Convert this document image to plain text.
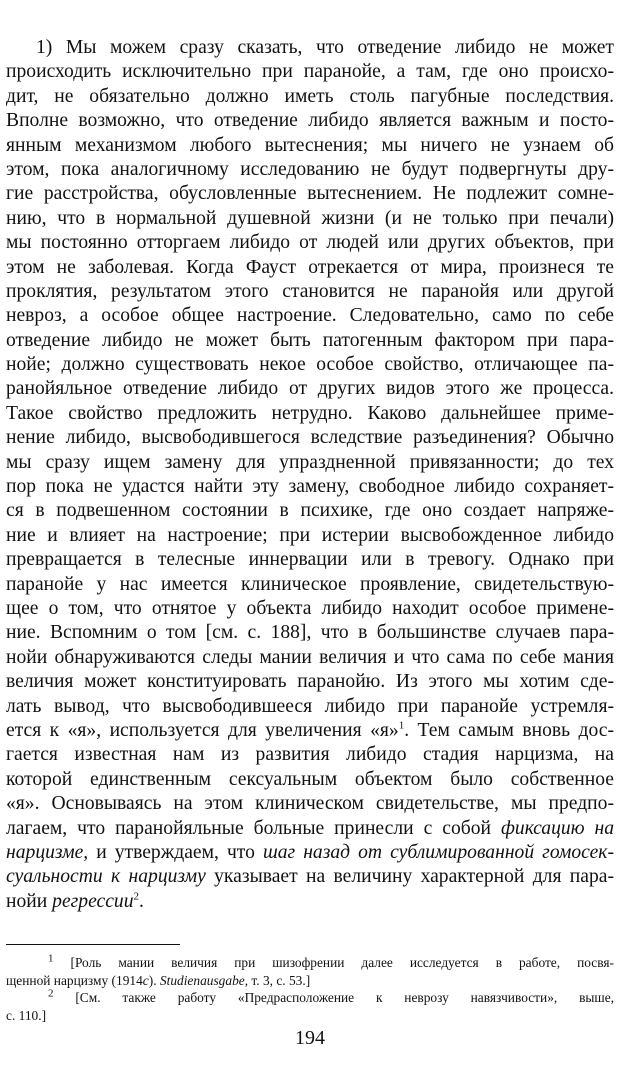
1) Мы можем сразу сказать, что отведение либидо не может
происходить исключительно при паранойе, а там, где оно происхо-
дит, не обязательно должно иметь столь пагубные последствия.
Вполне возможно, что отведение либидо является важным и посто-
янным механизмом любого вытеснения; мы ничего не узнаем об
этом, пока аналогичному исследованию не будут подвергнуты дру-
гие расстройства, обусловленные вытеснением. Не подлежит сомне-
нию, что в нормальной душевной жизни (и не только при печали)
мы постоянно отторгаем либидо от людей или других объектов, при
этом не заболевая. Когда Фауст отрекается от мира, произнеся те
проклятия, результатом этого становится не паранойя или другой
невроз, а особое общее настроение. Следовательно, само по себе
отведение либидо не может быть патогенным фактором при пара-
нойе; должно существовать некое особое свойство, отличающее па-
ранойяльное отведение либидо от других видов этого же процесса.
Такое свойство предложить нетрудно. Каково дальнейшее приме-
нение либидо, высвободившегося вследствие разъединения? Обычно
мы сразу ищем замену для упраздненной привязанности; до тех
пор пока не удастся найти эту замену, свободное либидо сохраняет-
ся в подвешенном состоянии в психике, где оно создает напряже-
ние и влияет на настроение; при истерии высвобожденное либидо
превращается в телесные иннервации или в тревогу. Однако при
паранойе у нас имеется клиническое проявление, свидетельствую-
щее о том, что отнятое у объекта либидо находит особое примене-
ние. Вспомним о том [см. с. 188], что в большинстве случаев пара-
нойи обнаруживаются следы мании величия и что сама по себе мания
величия может конституировать паранойю. Из этого мы хотим сде-
лать вывод, что высвободившееся либидо при паранойе устремля-
ется к «я», используется для увеличения «я»$^1$. Тем самым вновь дос-
гается известная нам из развития либидо стадия нарцизма, на
которой единственным сексуальным объектом было собственное
«я». Основываясь на этом клиническом свидетельстве, мы предпо-
лагаем, что паранойяльные больные принесли с собой фиксацию на
нарцизме, и утверждаем, что шаг назад от сублимированной гомосек-
суальности к нарцизму указывает на величину характерной для пара-
нойи регрессии$^2$.
$^1$ [Роль мании величия при шизофрении далее исследуется в работе, посвя-
щенной нарцизму (1914c). Studienausgabe, т. 3, с. 53.]
$^2$ [См. также работу «Предрасположение к неврозу навязчивости», выше,
с. 110.]
194
